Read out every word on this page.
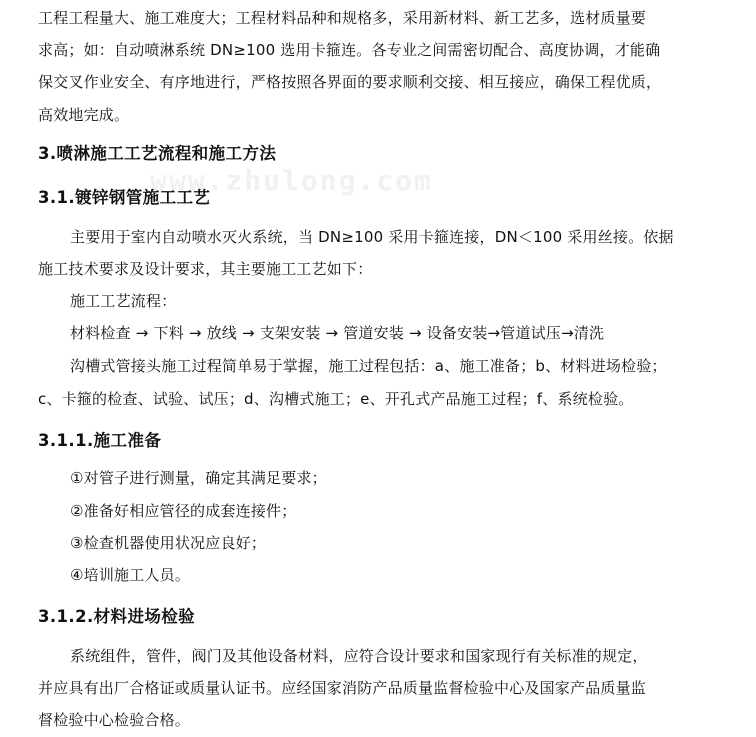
www.zhulong.com
工程工程量大、施工难度大；工程材料品种和规格多，采用新材料、新工艺多，选材质量要
求高；如：自动喷淋系统 DN≥100 选用卡箍连。各专业之间需密切配合、高度协调，才能确
保交叉作业安全、有序地进行，严格按照各界面的要求顺利交接、相互接应，确保工程优质，
高效地完成。
3.喷淋施工工艺流程和施工方法
3.1.镀锌钢管施工工艺
主要用于室内自动喷水灭火系统，当 DN≥100 采用卡箍连接，DN＜100 采用丝接。依据
施工技术要求及设计要求，其主要施工工艺如下：
施工工艺流程：
材料检查 → 下料 → 放线 → 支架安装 → 管道安装 → 设备安装→管道试压→清洗
沟槽式管接头施工过程简单易于掌握，施工过程包括：a、施工准备；b、材料进场检验；
c、卡箍的检查、试验、试压；d、沟槽式施工；e、开孔式产品施工过程；f、系统检验。
3.1.1.施工准备
①对管子进行测量，确定其满足要求；
②准备好相应管径的成套连接件；
③检查机器使用状况应良好；
④培训施工人员。
3.1.2.材料进场检验
系统组件，管件，阀门及其他设备材料，应符合设计要求和国家现行有关标准的规定，
并应具有出厂合格证或质量认证书。应经国家消防产品质量监督检验中心及国家产品质量监
督检验中心检验合格。
